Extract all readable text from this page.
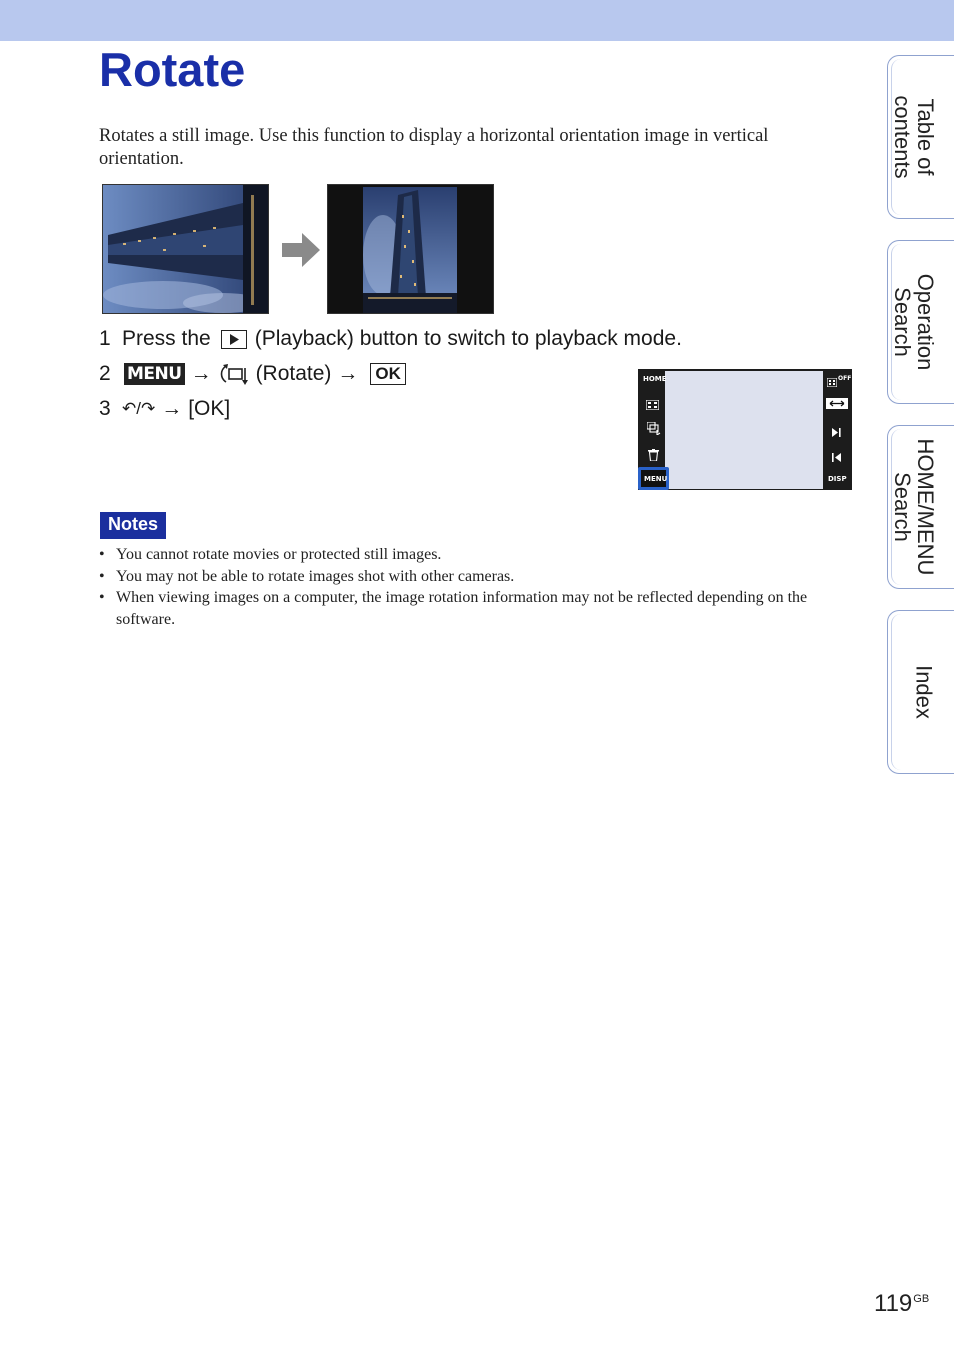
Rotate
Rotates a still image. Use this function to display a horizontal orientation image in vertical orientation.
1 Press the (Playback) button to switch to playback mode.
2 MENU → (Rotate) → OK
3 ↶/↷ → [OK]
HOME
MENU
OFF
DISP
Notes
• You cannot rotate movies or protected still images.
• You may not be able to rotate images shot with other cameras.
• When viewing images on a computer, the image rotation information may not be reflected depending on the software.
Table of
contents
Operation
Search
HOME/MENU
Search
Index
$119^{GB}$
